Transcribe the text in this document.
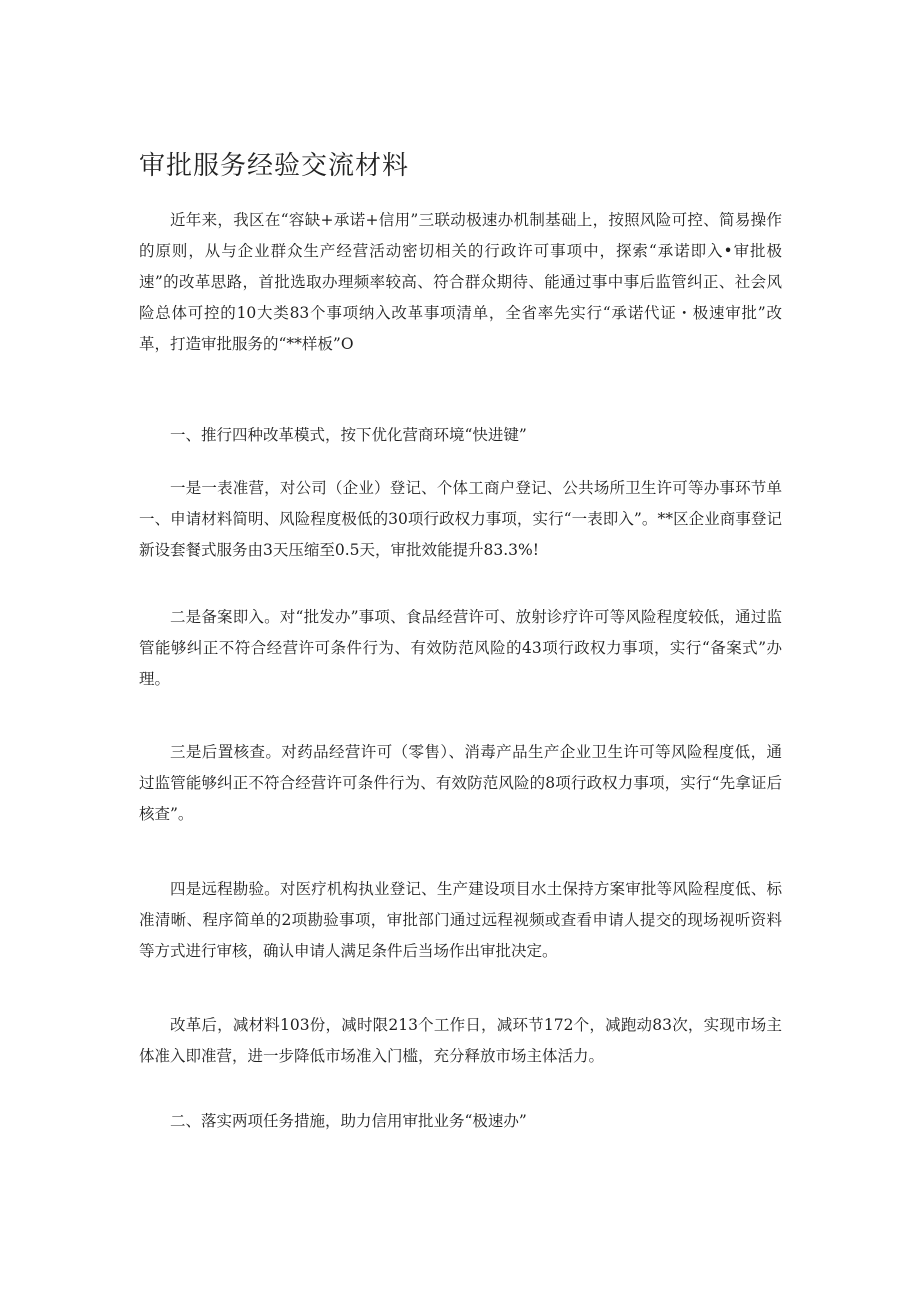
审批服务经验交流材料

近年来，我区在“容缺+承诺+信用”三联动极速办机制基础上，按照风险可控、简易操作的原则，从与企业群众生产经营活动密切相关的行政许可事项中，探索“承诺即入•审批极速”的改革思路，首批选取办理频率较高、符合群众期待、能通过事中事后监管纠正、社会风险总体可控的10大类83个事项纳入改革事项清单，全省率先实行“承诺代证・极速审批”改革，打造审批服务的“**样板”O

一、推行四种改革模式，按下优化营商环境“快进键”

一是一表准营，对公司（企业）登记、个体工商户登记、公共场所卫生许可等办事环节单一、申请材料简明、风险程度极低的30项行政权力事项，实行“一表即入”。**区企业商事登记新设套餐式服务由3天压缩至0.5天，审批效能提升83.3%!

二是备案即入。对“批发办”事项、食品经营许可、放射诊疗许可等风险程度较低，通过监管能够纠正不符合经营许可条件行为、有效防范风险的43项行政权力事项，实行“备案式”办理。

三是后置核查。对药品经营许可（零售）、消毒产品生产企业卫生许可等风险程度低，通过监管能够纠正不符合经营许可条件行为、有效防范风险的8项行政权力事项，实行“先拿证后核查”。

四是远程勘验。对医疗机构执业登记、生产建设项目水土保持方案审批等风险程度低、标准清晰、程序简单的2项勘验事项，审批部门通过远程视频或查看申请人提交的现场视听资料等方式进行审核，确认申请人满足条件后当场作出审批决定。

改革后，减材料103份，减时限213个工作日，减环节172个，减跑动83次，实现市场主体准入即准营，进一步降低市场准入门槛，充分释放市场主体活力。

二、落实两项任务措施，助力信用审批业务“极速办”
